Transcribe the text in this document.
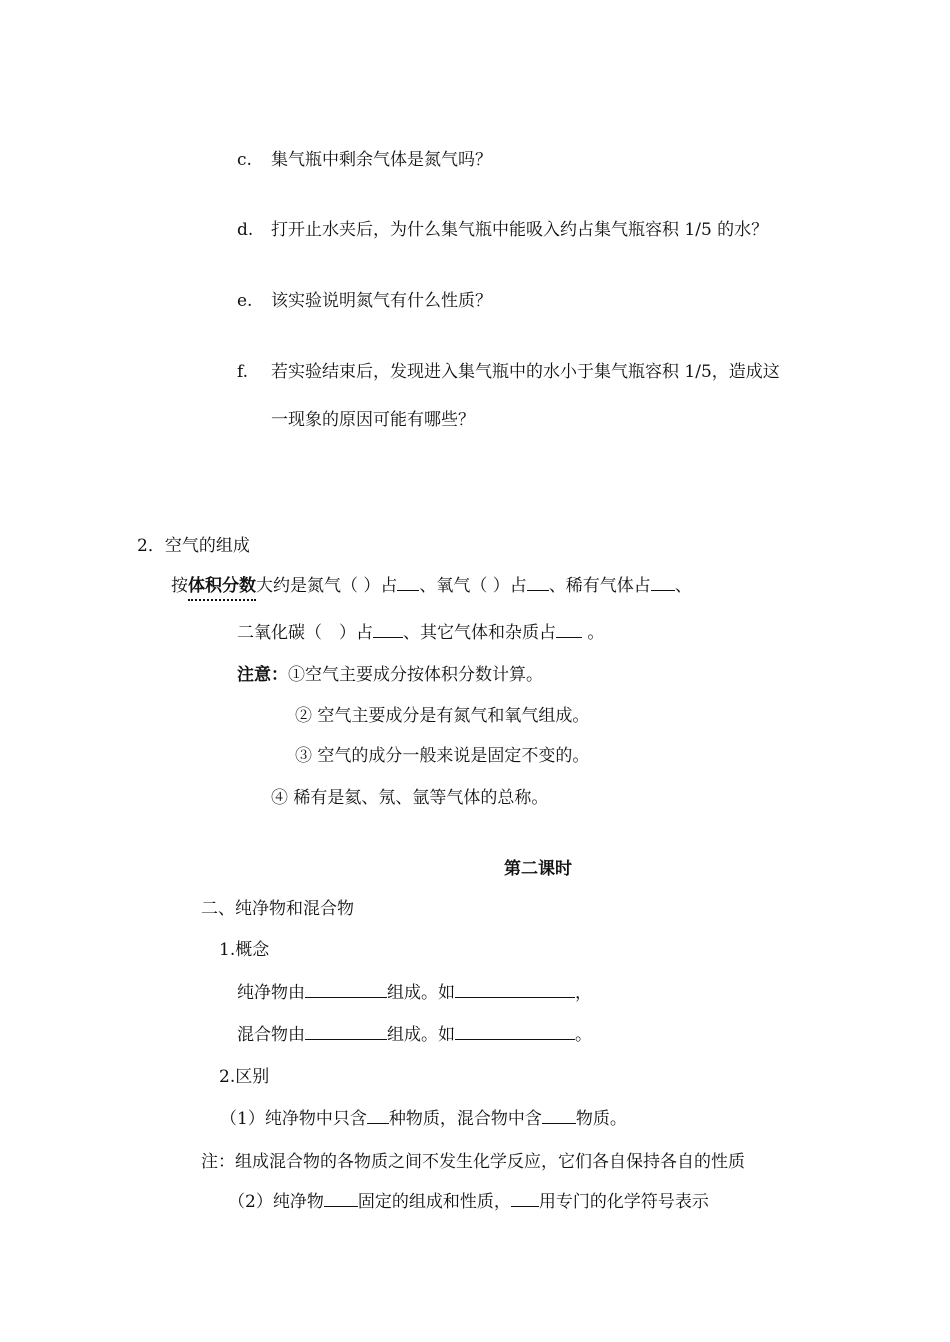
c. 集气瓶中剩余气体是氮气吗？
d. 打开止水夹后，为什么集气瓶中能吸入约占集气瓶容积 1/5 的水？
e. 该实验说明氮气有什么性质？
f. 若实验结束后，发现进入集气瓶中的水小于集气瓶容积 1/5，造成这
一现象的原因可能有哪些？
2．空气的组成
按体积分数大约是氮气（ ）占 、氧气（ ）占 、稀有气体占 、
二氧化碳（　）占 、其它气体和杂质占 。
注意：①空气主要成分按体积分数计算。
② 空气主要成分是有氮气和氧气组成。
③ 空气的成分一般来说是固定不变的。
④ 稀有是氦、氖、氩等气体的总称。
第二课时
二、纯净物和混合物
1.概念
纯净物由	组成。如	，
混合物由	组成。如	。
2.区别
（1）纯净物中只含 种物质，混合物中含 物质。
注：组成混合物的各物质之间不发生化学反应，它们各自保持各自的性质
（2）纯净物 固定的组成和性质， 用专门的化学符号表示
